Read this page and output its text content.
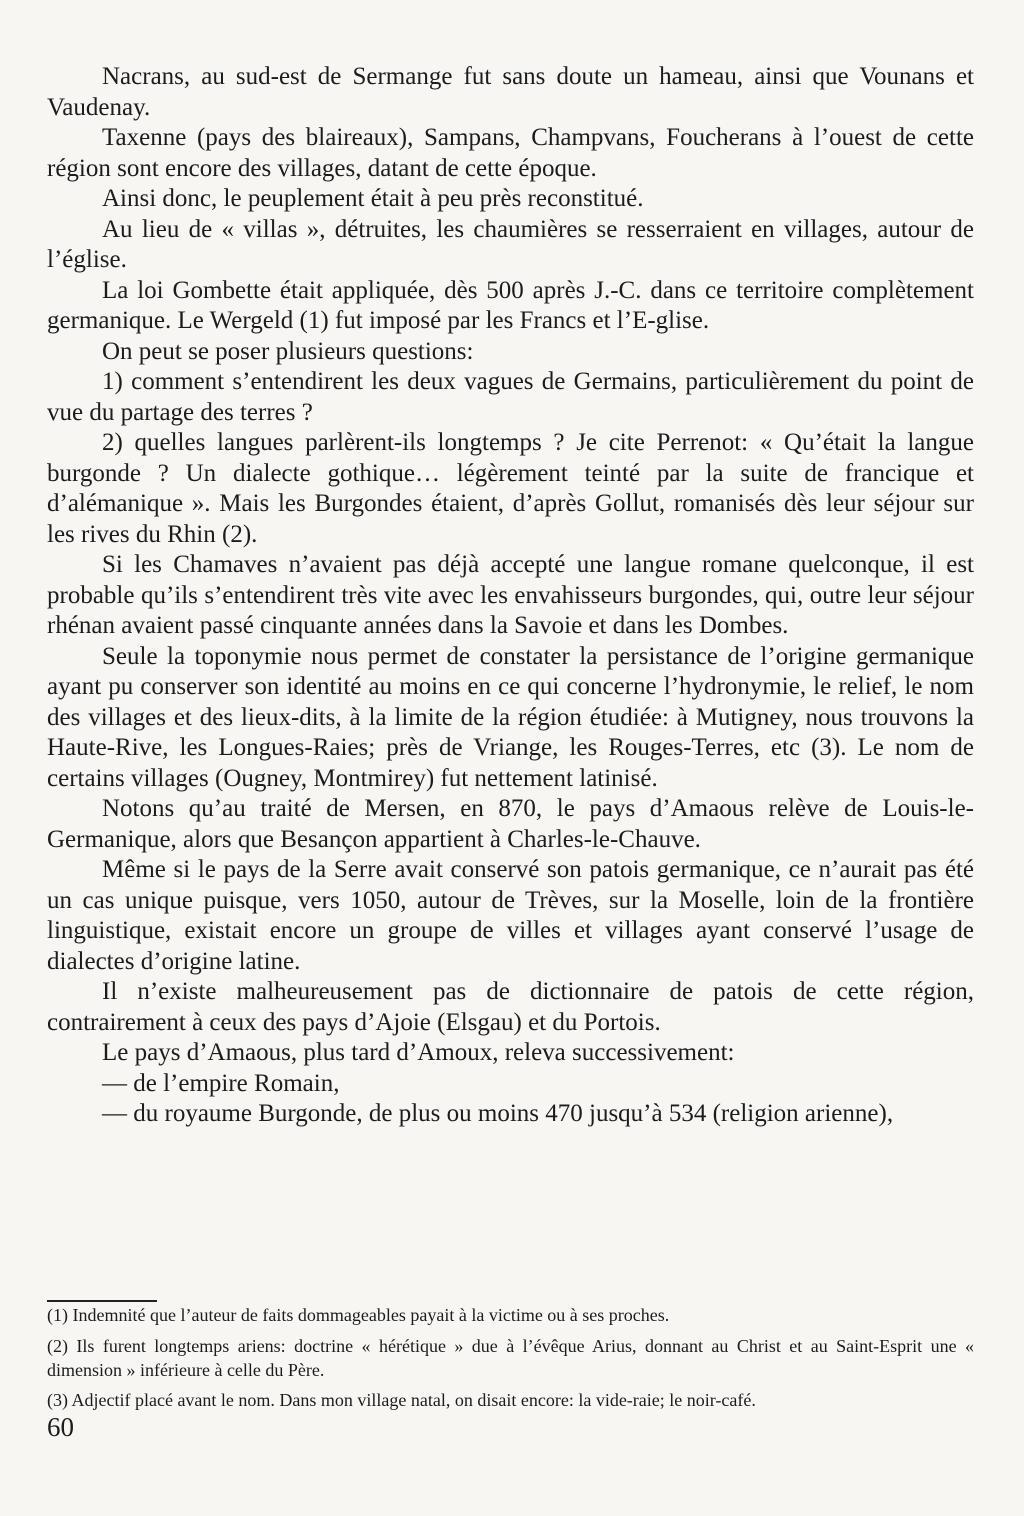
Nacrans, au sud-est de Sermange fut sans doute un hameau, ainsi que Vounans et Vaudenay.

Taxenne (pays des blaireaux), Sampans, Champvans, Foucherans à l’ouest de cette région sont encore des villages, datant de cette époque.

Ainsi donc, le peuplement était à peu près reconstitué.

Au lieu de « villas », détruites, les chaumières se resserraient en villages, autour de l’église.

La loi Gombette était appliquée, dès 500 après J.-C. dans ce territoire complètement germanique. Le Wergeld (1) fut imposé par les Francs et l’E-glise.

On peut se poser plusieurs questions:

1) comment s’entendirent les deux vagues de Germains, particulièrement du point de vue du partage des terres ?

2) quelles langues parlèrent-ils longtemps ? Je cite Perrenot: « Qu’était la langue burgonde ? Un dialecte gothique… légèrement teinté par la suite de francique et d’alémanique ». Mais les Burgondes étaient, d’après Gollut, romanisés dès leur séjour sur les rives du Rhin (2).

Si les Chamaves n’avaient pas déjà accepté une langue romane quelconque, il est probable qu’ils s’entendirent très vite avec les envahisseurs burgondes, qui, outre leur séjour rhénan avaient passé cinquante années dans la Savoie et dans les Dombes.

Seule la toponymie nous permet de constater la persistance de l’origine germanique ayant pu conserver son identité au moins en ce qui concerne l’hydronymie, le relief, le nom des villages et des lieux-dits, à la limite de la région étudiée: à Mutigney, nous trouvons la Haute-Rive, les Longues-Raies; près de Vriange, les Rouges-Terres, etc (3). Le nom de certains villages (Ougney, Montmirey) fut nettement latinisé.

Notons qu’au traité de Mersen, en 870, le pays d’Amaous relève de Louis-le-Germanique, alors que Besançon appartient à Charles-le-Chauve.

Même si le pays de la Serre avait conservé son patois germanique, ce n’aurait pas été un cas unique puisque, vers 1050, autour de Trèves, sur la Moselle, loin de la frontière linguistique, existait encore un groupe de villes et villages ayant conservé l’usage de dialectes d’origine latine.

Il n’existe malheureusement pas de dictionnaire de patois de cette région, contrairement à ceux des pays d’Ajoie (Elsgau) et du Portois.

Le pays d’Amaous, plus tard d’Amoux, releva successivement:

— de l’empire Romain,

— du royaume Burgonde, de plus ou moins 470 jusqu’à 534 (religion arienne),

(1) Indemnité que l’auteur de faits dommageables payait à la victime ou à ses proches.

(2) Ils furent longtemps ariens: doctrine « hérétique » due à l’évêque Arius, donnant au Christ et au Saint-Esprit une « dimension » inférieure à celle du Père.

(3) Adjectif placé avant le nom. Dans mon village natal, on disait encore: la vide-raie; le noir-café.

60
